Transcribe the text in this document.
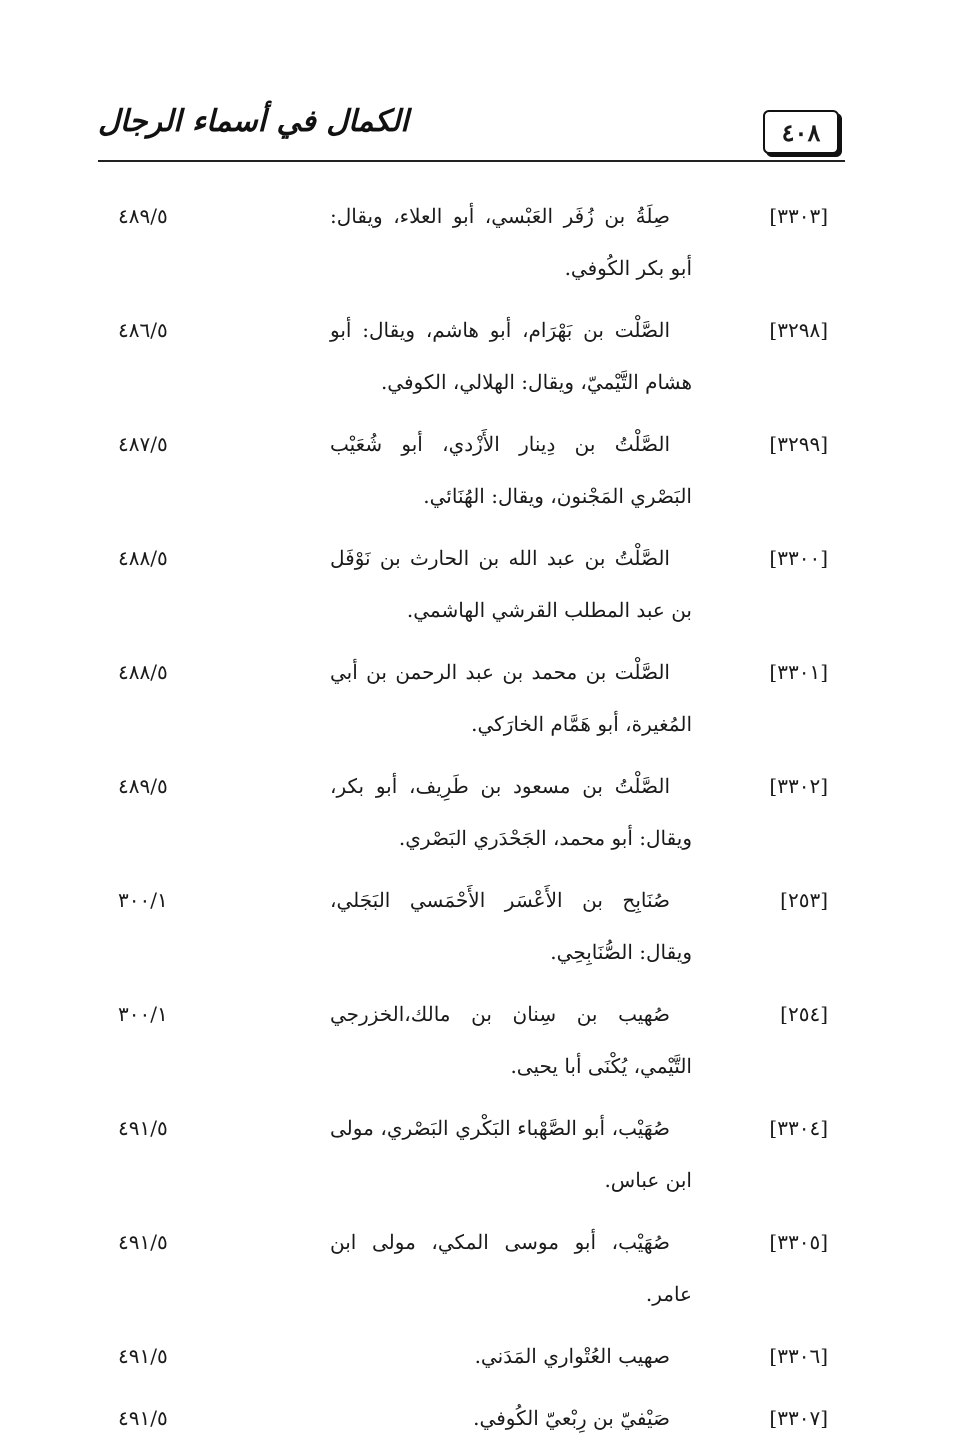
الكمال في أسماء الرجال	٤٠٨
[٣٣٠٣]
صِلَةُ بن زُفَر العَبْسي، أبو العلاء، ويقال: أبو بكر الكُوفي.
٤٨٩/٥
[٣٢٩٨]
الصَّلْت بن بَهْرَام، أبو هاشم، ويقال: أبو هشام التَّيْميّ، ويقال: الهلالي، الكوفي.
٤٨٦/٥
[٣٢٩٩]
الصَّلْتُ بن دِينار الأَزْدي، أبو شُعَيْب البَصْري المَجْنون، ويقال: الهُنَائي.
٤٨٧/٥
[٣٣٠٠]
الصَّلْتُ بن عبد الله بن الحارث بن نَوْفَل بن عبد المطلب القرشي الهاشمي.
٤٨٨/٥
[٣٣٠١]
الصَّلْت بن محمد بن عبد الرحمن بن أبي المُغيرة، أبو هَمَّام الخارَكي.
٤٨٨/٥
[٣٣٠٢]
الصَّلْتُ بن مسعود بن طَرِيف، أبو بكر، ويقال: أبو محمد، الجَحْدَري البَصْري.
٤٨٩/٥
[٢٥٣]
صُنَابِح بن الأَعْسَر الأَحْمَسي البَجَلي، ويقال: الصُّنَابِحِي.
٣٠٠/١
[٢٥٤]
صُهيب بن سِنان بن مالك،الخزرجي التَّيْمي، يُكْنَى أبا يحيى.
٣٠٠/١
[٣٣٠٤]
صُهَيْب، أبو الصَّهْباء البَكْري البَصْري، مولى ابن عباس.
٤٩١/٥
[٣٣٠٥]
صُهَيْب، أبو موسى المكي، مولى ابن عامر.
٤٩١/٥
[٣٣٠٦]
صهيب العُتْواري المَدَني.
٤٩١/٥
[٣٣٠٧]
صَيْفيّ بن رِبْعيّ الكُوفي.
٤٩١/٥
